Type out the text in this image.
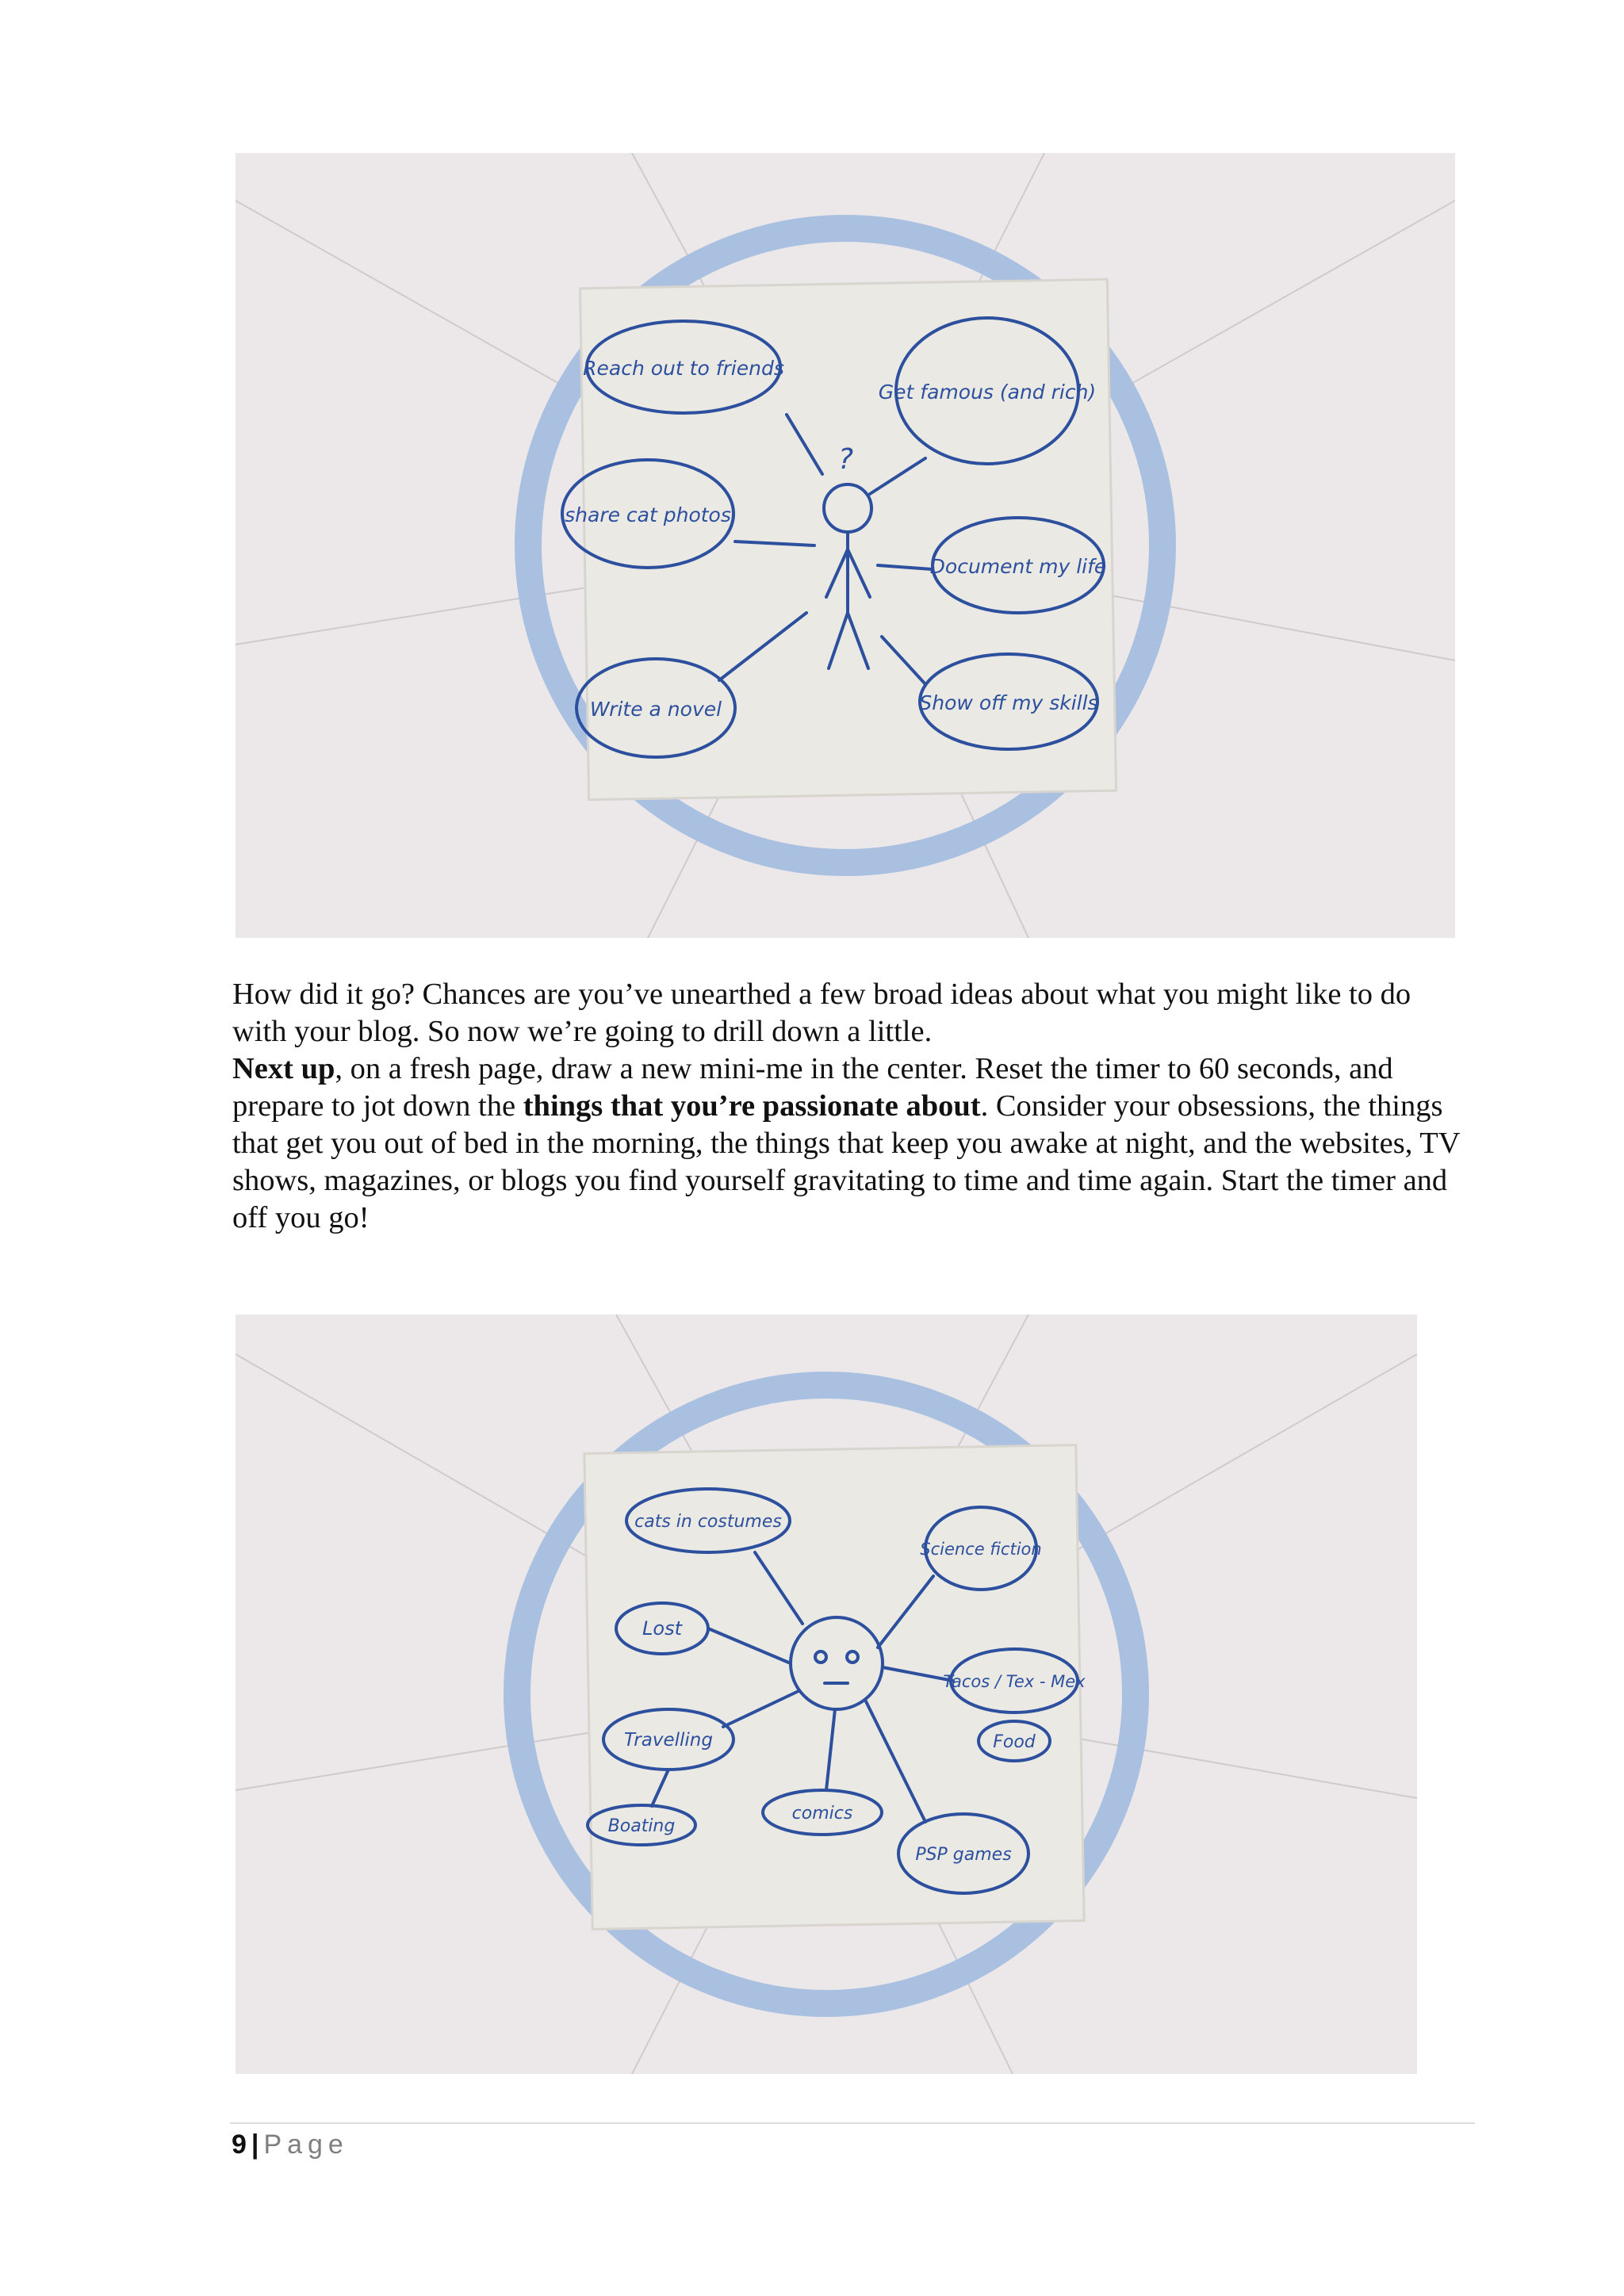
?
Reach out to friends
Get famous (and rich)
share cat photos
Document my life
Write a novel	Show off my skills

How did it go? Chances are you’ve unearthed a few broad ideas about what you might like to do with your blog. So now we’re going to drill down a little.

Next up, on a fresh page, draw a new mini-me in the center. Reset the timer to 60 seconds, and prepare to jot down the things that you’re passionate about. Consider your obsessions, the things that get you out of bed in the morning, the things that keep you awake at night, and the websites, TV shows, magazines, or blogs you find yourself gravitating to time and time again. Start the timer and off you go!

cats in costumes
Science fiction
Lost
Tacos / Tex - Mex
Food
Travelling
Boating
comics
PSP games
9 | Page
